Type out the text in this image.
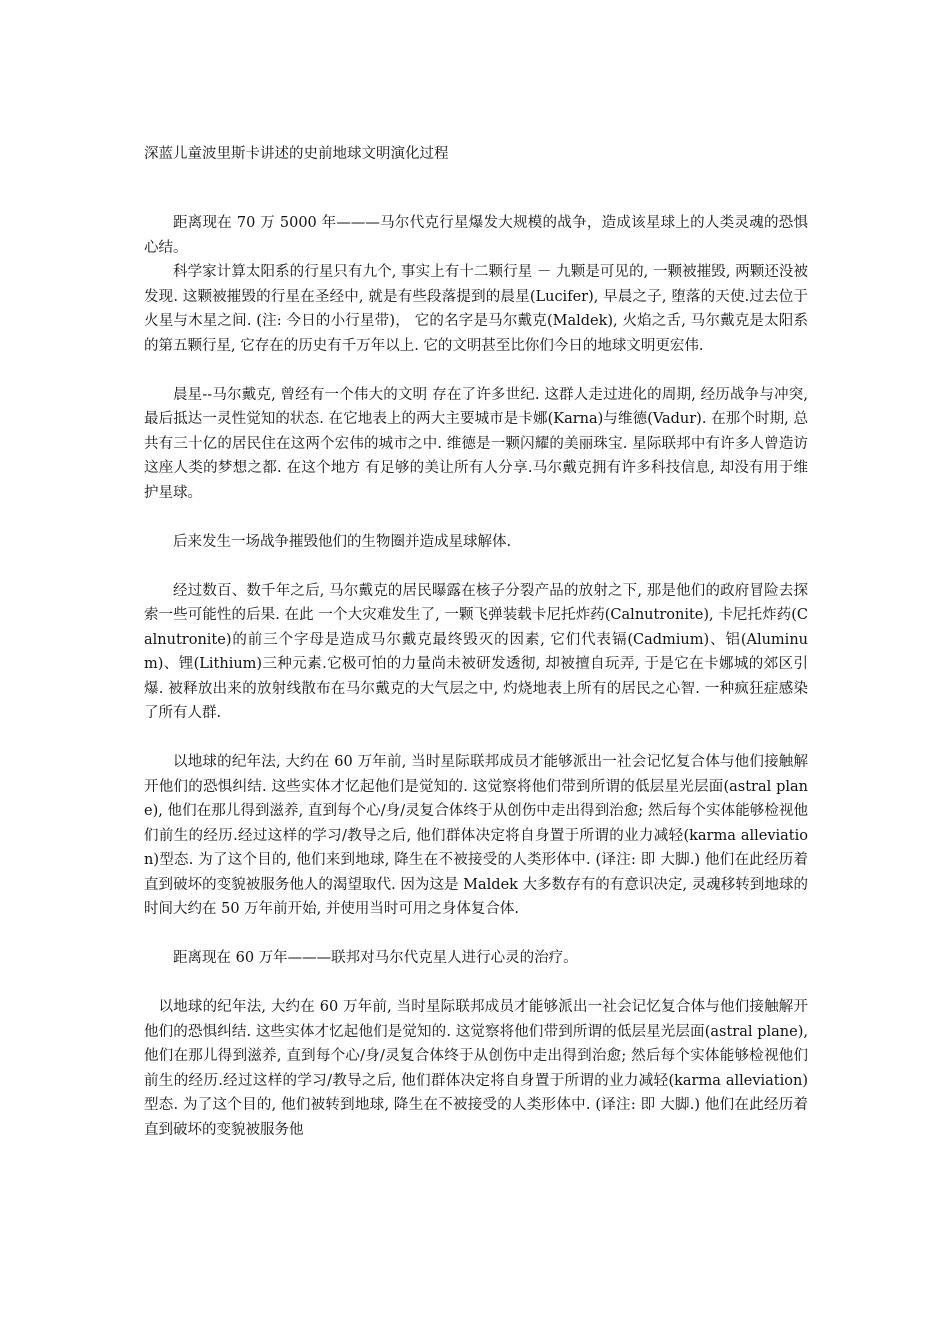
深蓝儿童波里斯卡讲述的史前地球文明演化过程

距离现在 70 万 5000 年———马尔代克行星爆发大规模的战争，造成该星球上的人类灵魂的恐惧心结。

科学家计算太阳系的行星只有九个, 事实上有十二颗行星 － 九颗是可见的, 一颗被摧毁, 两颗还没被发现. 这颗被摧毁的行星在圣经中, 就是有些段落提到的晨星(Lucifer), 早晨之子, 堕落的天使.过去位于火星与木星之间. (注: 今日的小行星带)， 它的名字是马尔戴克(Maldek), 火焰之舌, 马尔戴克是太阳系的第五颗行星, 它存在的历史有千万年以上. 它的文明甚至比你们今日的地球文明更宏伟.

晨星--马尔戴克, 曾经有一个伟大的文明 存在了许多世纪. 这群人走过进化的周期, 经历战争与冲突, 最后抵达一灵性觉知的状态. 在它地表上的两大主要城市是卡娜(Karna)与维德(Vadur). 在那个时期, 总共有三十亿的居民住在这两个宏伟的城市之中. 维德是一颗闪耀的美丽珠宝. 星际联邦中有许多人曾造访这座人类的梦想之都. 在这个地方 有足够的美让所有人分享.马尔戴克拥有许多科技信息, 却没有用于维护星球。

后来发生一场战争摧毁他们的生物圈并造成星球解体.

经过数百、数千年之后, 马尔戴克的居民曝露在核子分裂产品的放射之下, 那是他们的政府冒险去探索一些可能性的后果. 在此 一个大灾难发生了, 一颗飞弹装载卡尼托炸药(Calnutronite), 卡尼托炸药(Calnutronite)的前三个字母是造成马尔戴克最终毁灭的因素, 它们代表镉(Cadmium)、铝(Aluminum)、锂(Lithium)三种元素.它极可怕的力量尚未被研发透彻, 却被擅自玩弄, 于是它在卡娜城的郊区引爆. 被释放出来的放射线散布在马尔戴克的大气层之中, 灼烧地表上所有的居民之心智. 一种疯狂症感染了所有人群.

以地球的纪年法, 大约在 60 万年前, 当时星际联邦成员才能够派出一社会记忆复合体与他们接触解开他们的恐惧纠结. 这些实体才忆起他们是觉知的. 这觉察将他们带到所谓的低层星光层面(astral plane), 他们在那儿得到滋养, 直到每个心/身/灵复合体终于从创伤中走出得到治愈; 然后每个实体能够检视他们前生的经历.经过这样的学习/教导之后, 他们群体决定将自身置于所谓的业力减轻(karma alleviation)型态. 为了这个目的, 他们来到地球, 降生在不被接受的人类形体中. (译注: 即 大脚.) 他们在此经历着 直到破坏的变貌被服务他人的渴望取代. 因为这是 Maldek 大多数存有的有意识决定, 灵魂移转到地球的时间大约在 50 万年前开始, 并使用当时可用之身体复合体.

距离现在 60 万年———联邦对马尔代克星人进行心灵的治疗。

以地球的纪年法, 大约在 60 万年前, 当时星际联邦成员才能够派出一社会记忆复合体与他们接触解开他们的恐惧纠结. 这些实体才忆起他们是觉知的. 这觉察将他们带到所谓的低层星光层面(astral plane), 他们在那儿得到滋养, 直到每个心/身/灵复合体终于从创伤中走出得到治愈; 然后每个实体能够检视他们前生的经历.经过这样的学习/教导之后, 他们群体决定将自身置于所谓的业力减轻(karma alleviation)型态. 为了这个目的, 他们被转到地球, 降生在不被接受的人类形体中. (译注: 即 大脚.) 他们在此经历着 直到破坏的变貌被服务他
